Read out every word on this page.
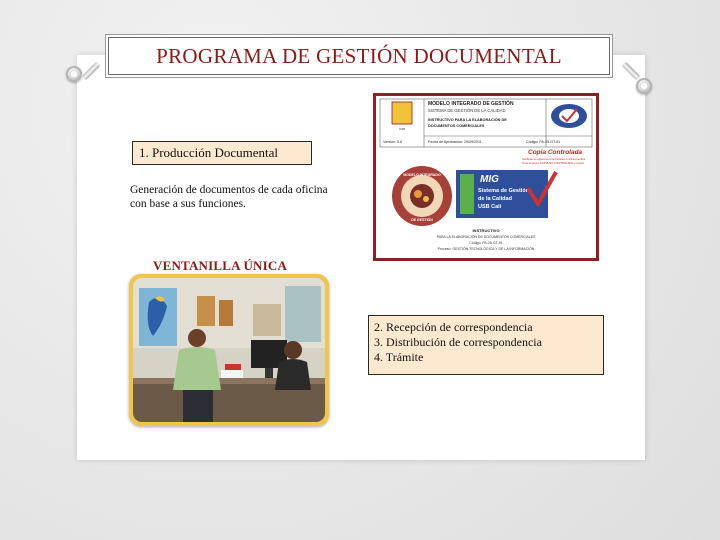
PROGRAMA DE GESTIÓN DOCUMENTAL
1. Producción Documental
Generación de documentos de cada oficina con base a sus funciones.
VENTANILLA ÚNICA
USB
MODELO INTEGRADO DE GESTIÓN
SISTEMA DE GESTIÓN DE LA CALIDAD
INSTRUCTIVO PARA LA ELABORACIÓN DE
DOCUMENTOS COMERCIALES
Versión: 3.6	Fecha de Aprobación: 29/09/2011	Código: PA-25-GT-91
Copia Controlada
Verifique su vigencia en la Intranet en Documentos
Si se imprime COPIA NO CONTROLADA y expira
MODELO INTEGRADO
DE GESTIÓN
MIG
Sistema de Gestión
de la Calidad
USB Cali
INSTRUCTIVO
PARA LA ELABORACIÓN DE DOCUMENTOS COMERCIALES
Código: PA-25-GT-91
Proceso: GESTIÓN TECNOLÓGICA Y DE LA INFORMACIÓN
2. Recepción de correspondencia
3. Distribución de correspondencia
4. Trámite
